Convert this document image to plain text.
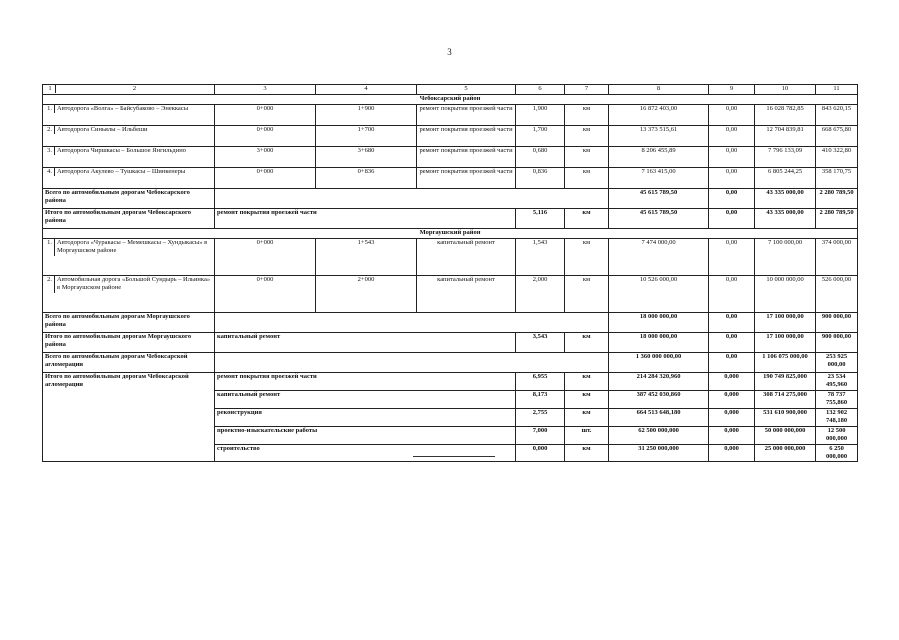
3
1 2	3	4	5	6	7	8	9	10	11
Чебоксарский район									
1. Автодорога «Волга» – Байсубаково – Энеккасы	0+000	1+900	ремонт покрытия проезжей части	1,900	км	16 872 403,00	0,00	16 028 782,85	843 620,15
2. Автодорога Синьялы – Ильбеши	0+000	1+700	ремонт покрытия проезжей части	1,700	км	13 373 515,61	0,00	12 704 839,81	668 675,80
3. Автодорога Чиршкасы – Большое Янгильдино	3+000	3+680	ремонт покрытия проезжей части	0,680	км	8 206 455,89	0,00	7 796 133,09	410 322,80
4. Автодорога Акулево – Тушкасы – Шинкенеры	0+000	0+836	ремонт покрытия проезжей части	0,836	км	7 163 415,00	0,00	6 805 244,25	358 170,75
Всего по автомобильным дорогам Чебоксарского района						45 615 789,50	0,00	43 335 000,00	2 280 789,50
Итого по автомобильным дорогам Чебоксарского района	ремонт покрытия проезжей части			5,116	км	45 615 789,50	0,00	43 335 000,00	2 280 789,50
Моргаушский район									
1. Автодорога «Чуракасы – Мемешкасы – Хундыкасы» в Моргаушском районе	0+000	1+543	капитальный ремонт	1,543	км	7 474 000,00	0,00	7 100 000,00	374 000,00
2. Автомобильная дорога «Большой Сундырь – Ильинка» в Моргаушском районе	0+000	2+000	капитальный ремонт	2,000	км	10 526 000,00	0,00	10 000 000,00	526 000,00
Всего по автомобильным дорогам Моргаушского района						18 000 000,00	0,00	17 100 000,00	900 000,00
Итого по автомобильным дорогам Моргаушского района	капитальный ремонт			3,543	км	18 000 000,00	0,00	17 100 000,00	900 000,00
Всего по автомобильным дорогам Чебоксарской агломерации						1 360 000 000,00	0,00	1 106 075 000,00	253 925 000,00
Итого по автомобильным дорогам Чебоксарской агломерации	ремонт покрытия проезжей части			6,955	км	214 284 320,960	0,000	190 749 825,000	23 534 495,960
	капитальный ремонт			8,173	км	387 452 030,860	0,000	308 714 275,000	78 737 755,860
	реконструкция			2,755	км	664 513 648,180	0,000	531 610 900,000	132 902 748,180
	проектно-изыскательские работы			7,000	шт.	62 500 000,000	0,000	50 000 000,000	12 500 000,000
	строительство			0,000	км	31 250 000,000	0,000	25 000 000,000	6 250 000,000
